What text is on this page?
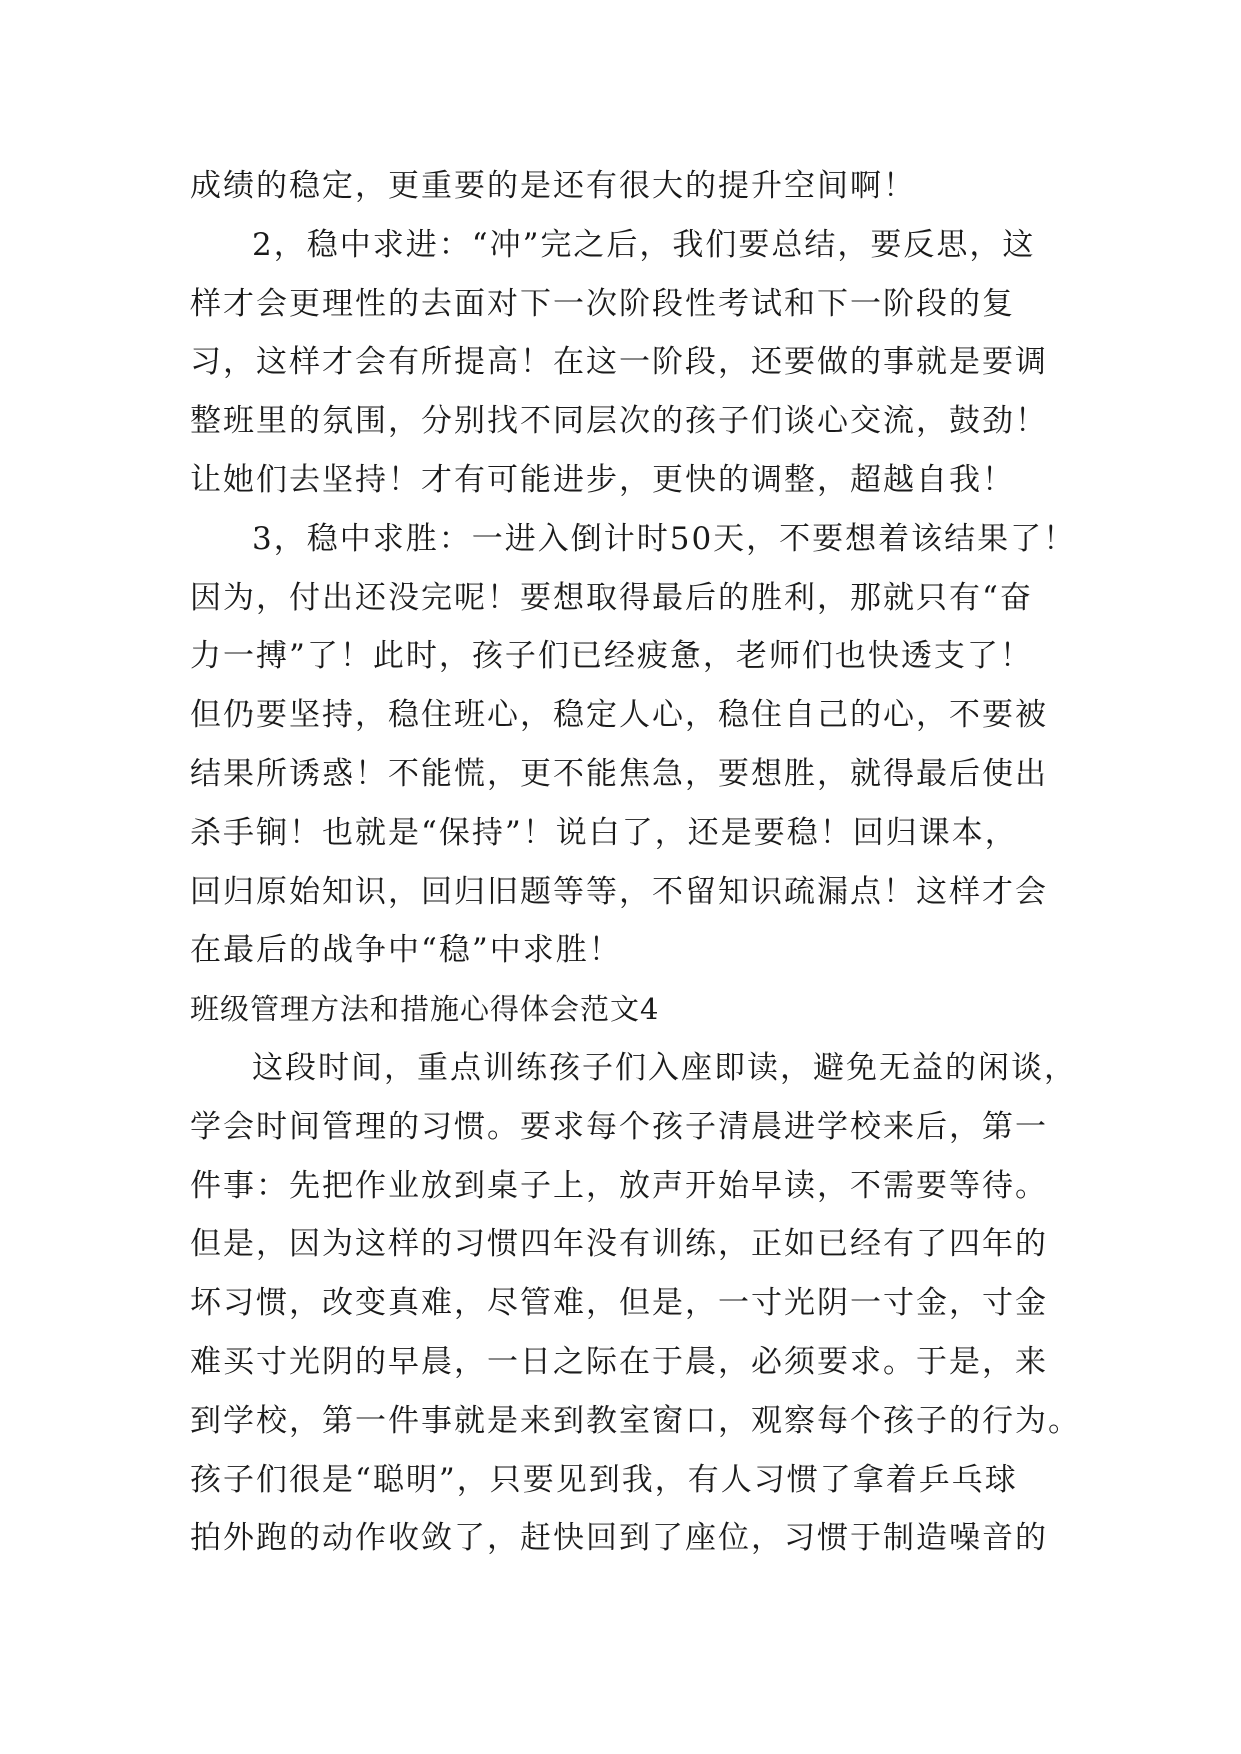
成绩的稳定，更重要的是还有很大的提升空间啊！
2，稳中求进：“冲”完之后，我们要总结，要反思，这
样才会更理性的去面对下一次阶段性考试和下一阶段的复
习，这样才会有所提高！在这一阶段，还要做的事就是要调
整班里的氛围，分别找不同层次的孩子们谈心交流，鼓劲！
让她们去坚持！才有可能进步，更快的调整，超越自我！
3，稳中求胜：一进入倒计时50天，不要想着该结果了！
因为，付出还没完呢！要想取得最后的胜利，那就只有“奋
力一搏”了！此时，孩子们已经疲惫，老师们也快透支了！
但仍要坚持，稳住班心，稳定人心，稳住自己的心，不要被
结果所诱惑！不能慌，更不能焦急，要想胜，就得最后使出
杀手锏！也就是“保持”！说白了，还是要稳！回归课本，
回归原始知识，回归旧题等等，不留知识疏漏点！这样才会
在最后的战争中“稳”中求胜！
班级管理方法和措施心得体会范文4
这段时间，重点训练孩子们入座即读，避免无益的闲谈，
学会时间管理的习惯。要求每个孩子清晨进学校来后，第一
件事：先把作业放到桌子上，放声开始早读，不需要等待。
但是，因为这样的习惯四年没有训练，正如已经有了四年的
坏习惯，改变真难，尽管难，但是，一寸光阴一寸金，寸金
难买寸光阴的早晨，一日之际在于晨，必须要求。于是，来
到学校，第一件事就是来到教室窗口，观察每个孩子的行为。
孩子们很是“聪明”，只要见到我，有人习惯了拿着乒乓球
拍外跑的动作收敛了，赶快回到了座位，习惯于制造噪音的
